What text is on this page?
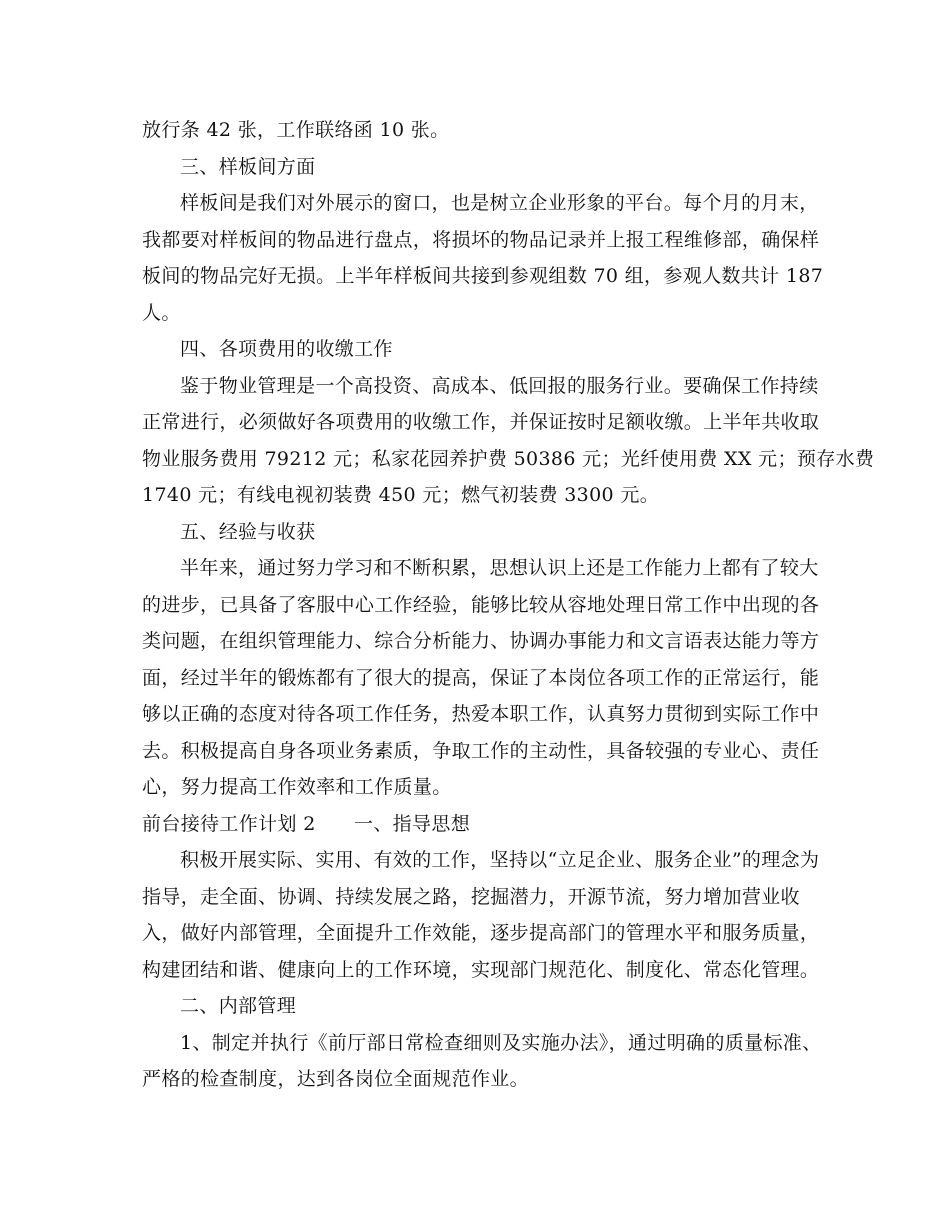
放行条 42 张，工作联络函 10 张。
三、样板间方面
样板间是我们对外展示的窗口，也是树立企业形象的平台。每个月的月末，
我都要对样板间的物品进行盘点，将损坏的物品记录并上报工程维修部，确保样
板间的物品完好无损。上半年样板间共接到参观组数 70 组，参观人数共计 187
人。
四、各项费用的收缴工作
鉴于物业管理是一个高投资、高成本、低回报的服务行业。要确保工作持续
正常进行，必须做好各项费用的收缴工作，并保证按时足额收缴。上半年共收取
物业服务费用 79212 元；私家花园养护费 50386 元；光纤使用费 XX 元；预存水费
1740 元；有线电视初装费 450 元；燃气初装费 3300 元。
五、经验与收获
半年来，通过努力学习和不断积累，思想认识上还是工作能力上都有了较大
的进步，已具备了客服中心工作经验，能够比较从容地处理日常工作中出现的各
类问题，在组织管理能力、综合分析能力、协调办事能力和文言语表达能力等方
面，经过半年的锻炼都有了很大的提高，保证了本岗位各项工作的正常运行，能
够以正确的态度对待各项工作任务，热爱本职工作，认真努力贯彻到实际工作中
去。积极提高自身各项业务素质，争取工作的主动性，具备较强的专业心、责任
心，努力提高工作效率和工作质量。
前台接待工作计划 2      一、指导思想
积极开展实际、实用、有效的工作，坚持以“立足企业、服务企业”的理念为
指导，走全面、协调、持续发展之路，挖掘潜力，开源节流，努力增加营业收
入，做好内部管理，全面提升工作效能，逐步提高部门的管理水平和服务质量，
构建团结和谐、健康向上的工作环境，实现部门规范化、制度化、常态化管理。
二、内部管理
1、制定并执行《前厅部日常检查细则及实施办法》，通过明确的质量标准、
严格的检查制度，达到各岗位全面规范作业。
